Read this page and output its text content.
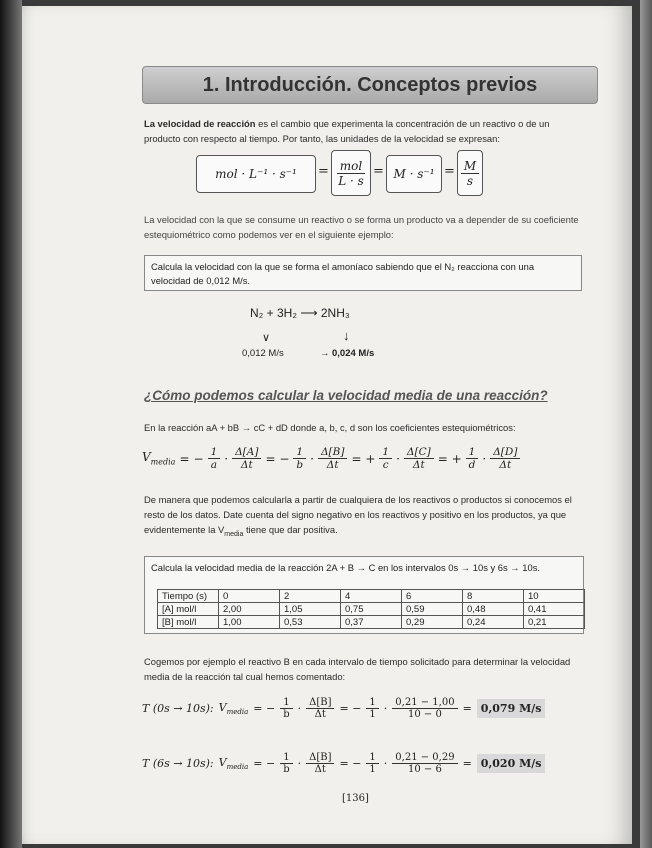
1. Introducción. Conceptos previos
La velocidad de reacción es el cambio que experimenta la concentración de un reactivo o de un producto con respecto al tiempo. Por tanto, las unidades de la velocidad se expresan:
mol · $L^{-1} \cdot s^{-1} = \frac{\text{mol}}{L \cdot s} = M \cdot s^{-1} = \frac{M}{s}$
La velocidad con la que se consume un reactivo o se forma un producto va a depender de su coeficiente estequiométrico como podemos ver en el siguiente ejemplo:
Calcula la velocidad con la que se forma el amoníaco sabiendo que el N₂ reacciona con una velocidad de 0,012 M/s.
N₂ + 3H₂ ⟶ 2NH₃
∨	↓
0,012 M/s	→ 0,024 M/s
¿Cómo podemos calcular la velocidad media de una reacción?
En la reacción aA + bB → cC + dD donde a, b, c, d son los coeficientes estequiométricos:
$V_{media}$ = − $\frac{1}{a} \cdot \frac{\Delta[A]}{\Delta t}$ = − $\frac{1}{b} \cdot \frac{\Delta[B]}{\Delta t}$ = + $\frac{1}{c} \cdot \frac{\Delta[C]}{\Delta t}$ = + $\frac{1}{d} \cdot \frac{\Delta[D]}{\Delta t}$
De manera que podemos calcularla a partir de cualquiera de los reactivos o productos si conocemos el resto de los datos. Date cuenta del signo negativo en los reactivos y positivo en los productos, ya que evidentemente la $V_{media}$ tiene que dar positiva.
Calcula la velocidad media de la reacción 2A + B → C en los intervalos 0s → 10s y 6s → 10s.
Tiempo (s)	0	2	4	6	8	10
[A] mol/l	2,00	1,05	0,75	0,59	0,48	0,41
[B] mol/l	1,00	0,53	0,37	0,29	0,24	0,21
Cogemos por ejemplo el reactivo B en cada intervalo de tiempo solicitado para determinar la velocidad media de la reacción tal cual hemos comentado:
T (0s → 10s): $V_{media}$ = − $\frac{1}{b} \cdot \frac{\Delta[B]}{\Delta t}$ = − $\frac{1}{1} \cdot \frac{0,21 - 1,00}{10 - 0} = 0,079$ M/s
T (6s → 10s): $V_{media}$ = − $\frac{1}{b} \cdot \frac{\Delta[B]}{\Delta t}$ = − $\frac{1}{1} \cdot \frac{0,21 - 0,29}{10 - 6} = 0,020$ M/s
[136]
